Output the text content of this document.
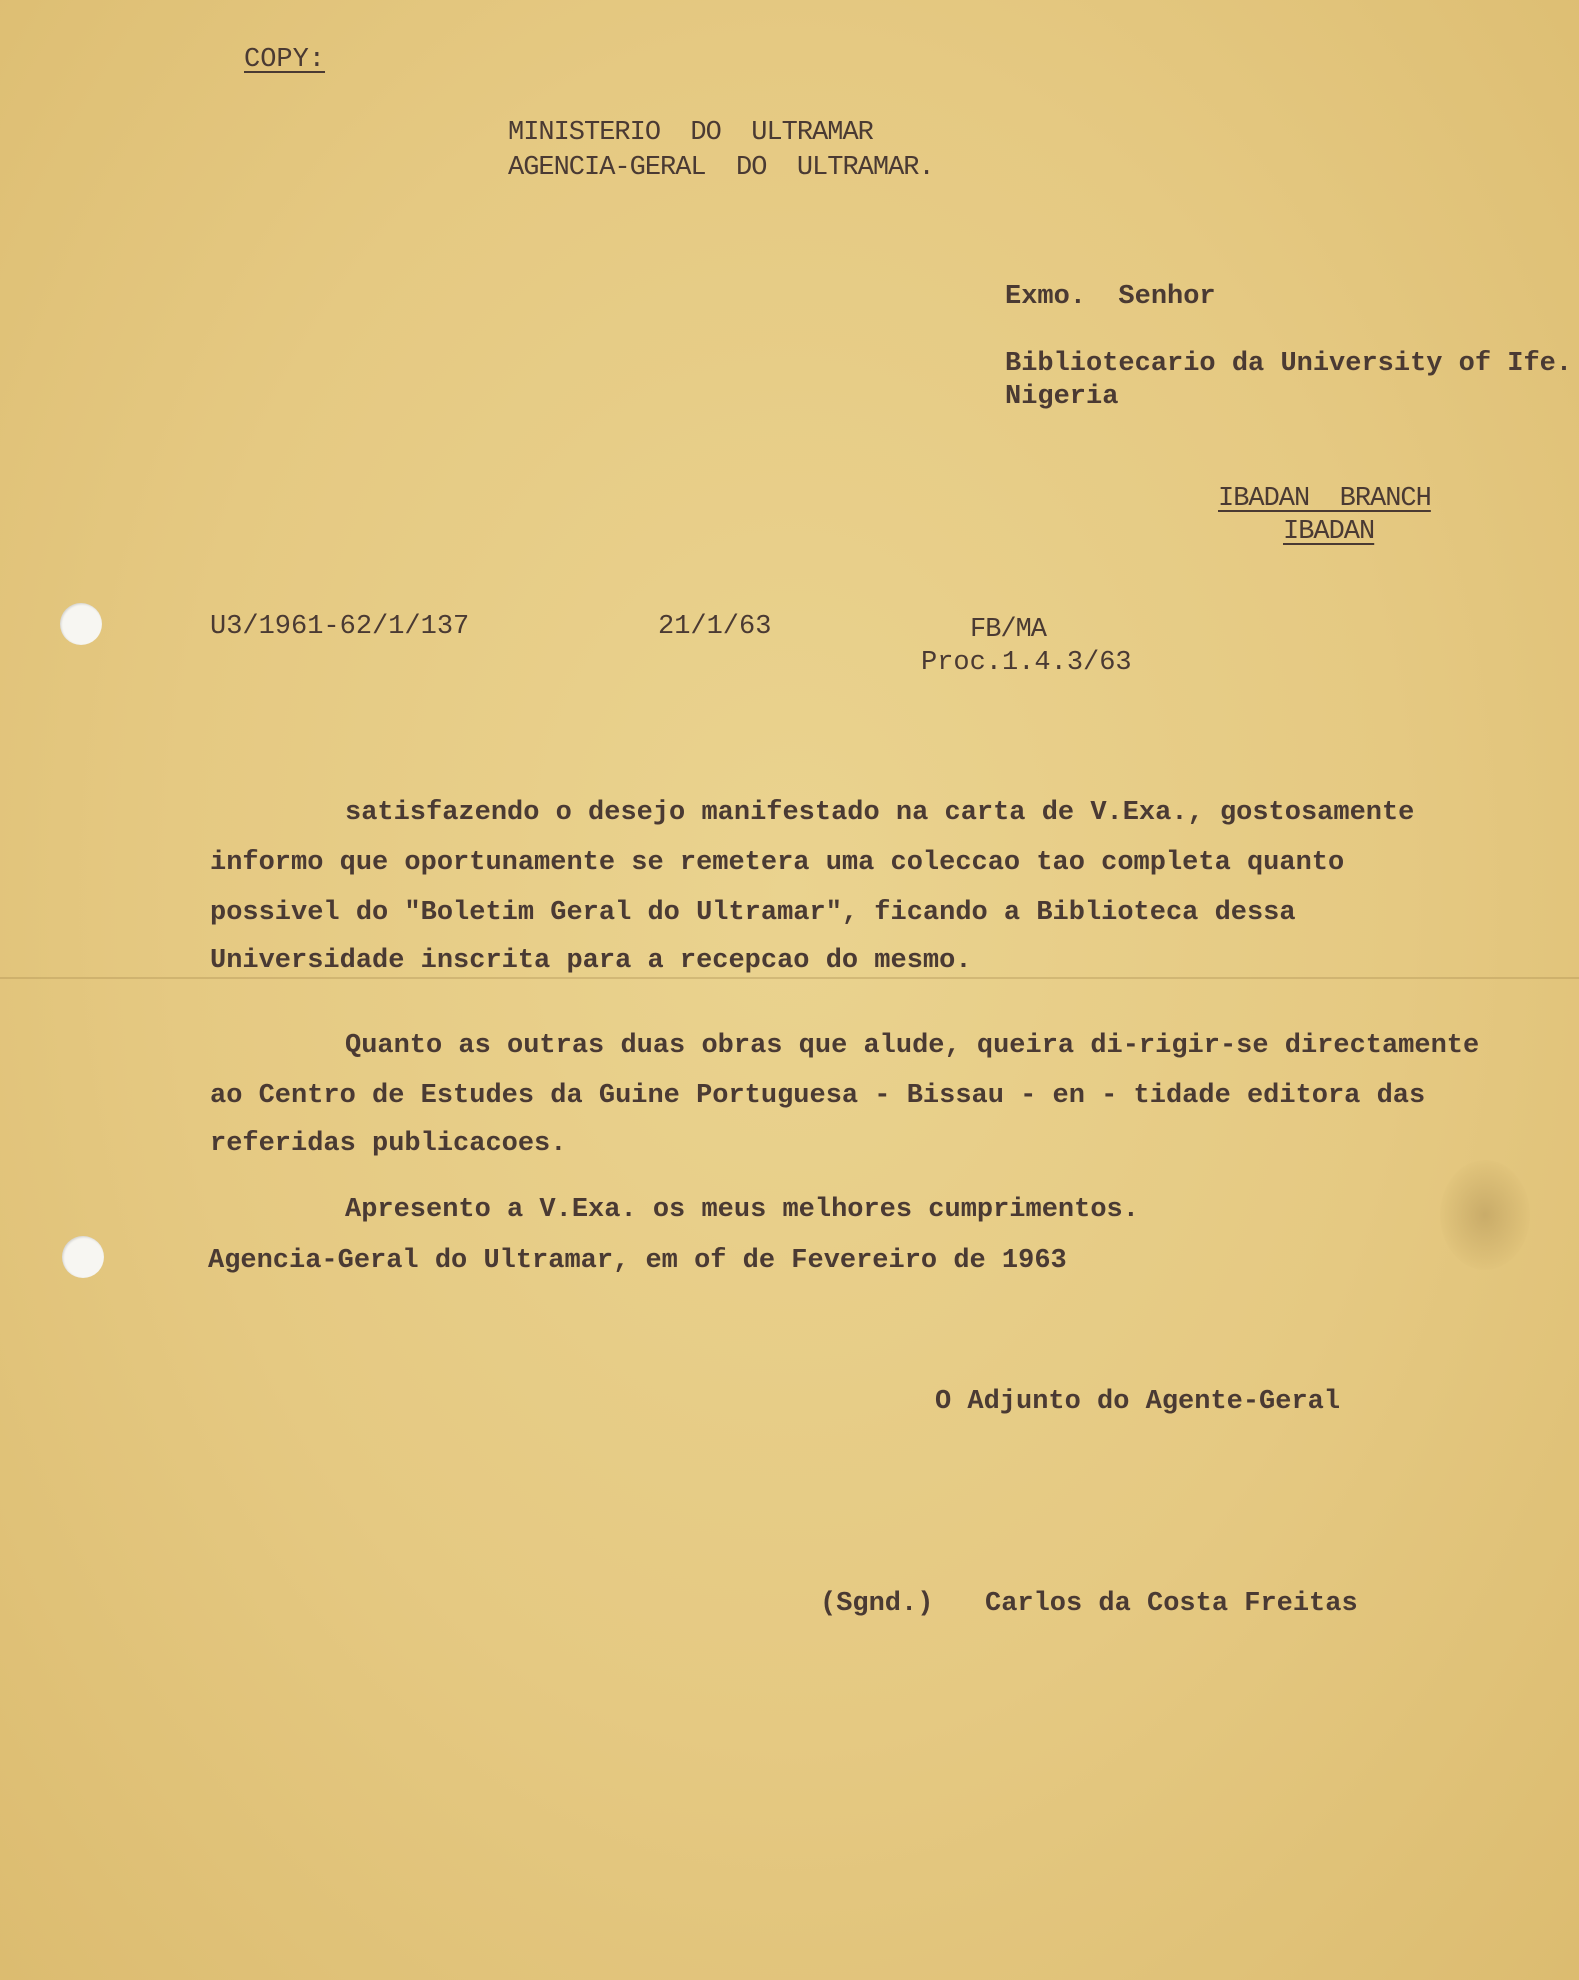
COPY:
MINISTERIO  DO  ULTRAMAR
AGENCIA-GERAL  DO  ULTRAMAR.
Exmo.  Senhor
Bibliotecario da University of Ife.
Nigeria
IBADAN  BRANCH
IBADAN
U3/1961-62/1/137	21/1/63	FB/MA
Proc.1.4.3/63
satisfazendo o desejo manifestado na carta de V.Exa., gostosamente
informo que oportunamente se remetera uma coleccao tao completa quanto
possivel do "Boletim Geral do Ultramar", ficando a Biblioteca dessa
Universidade inscrita para a recepcao do mesmo.
Quanto as outras duas obras que alude, queira di-rigir-se directamente
ao Centro de Estudes da Guine Portuguesa - Bissau - en - tidade editora das
referidas publicacoes.
Apresento a V.Exa. os meus melhores cumprimentos.
Agencia-Geral do Ultramar, em of de Fevereiro de 1963
O Adjunto do Agente-Geral
(Sgnd.) Carlos da Costa Freitas
